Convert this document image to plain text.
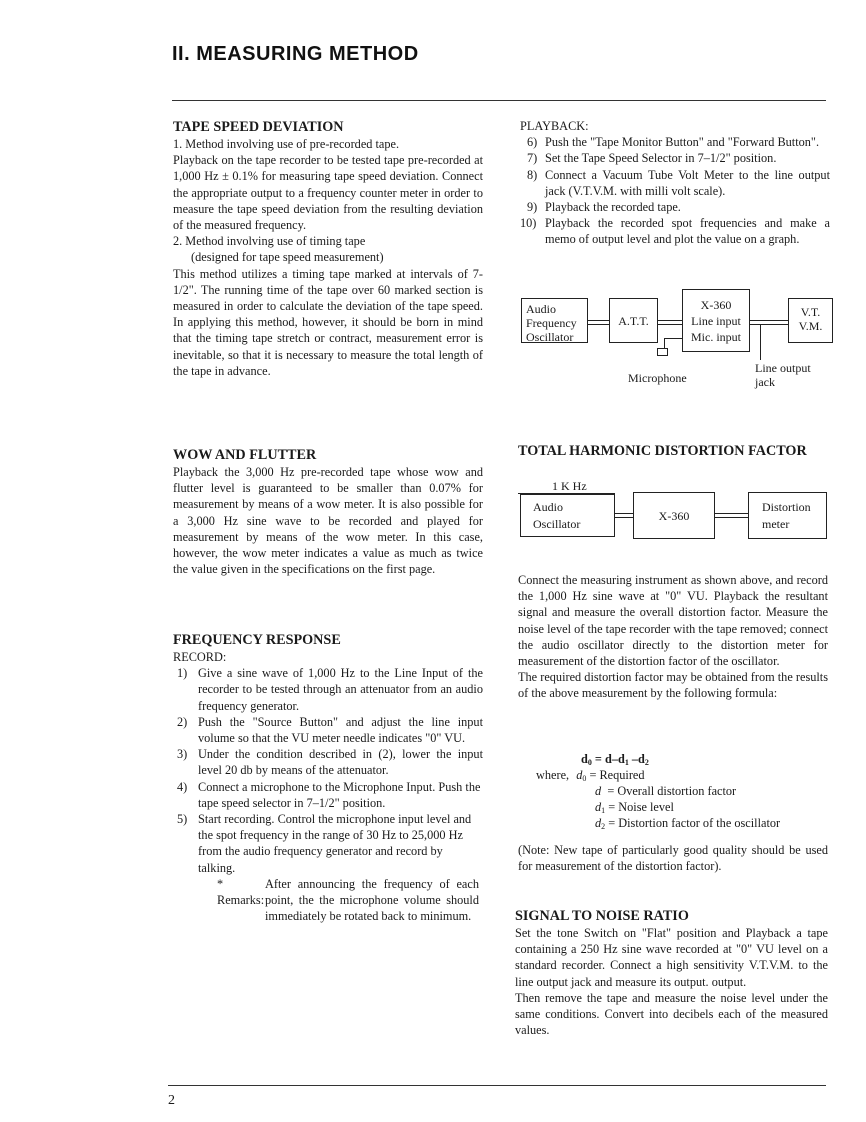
II. MEASURING METHOD

TAPE SPEED DEVIATION

1. Method involving use of pre-recorded tape.

Playback on the tape recorder to be tested tape pre-recorded at 1,000 Hz ± 0.1% for measuring tape speed deviation. Connect the appropriate output to a frequency counter meter in order to measure the tape speed deviation from the resulting deviation of the measured frequency.

2. Method involving use of timing tape

(designed for tape speed measurement)

This method utilizes a timing tape marked at intervals of 7-1/2". The running time of the tape over 60 marked section is measured in order to calculate the deviation of the tape speed. In applying this method, however, it should be born in mind that the timing tape stretch or contract, measurement error is inevitable, so that it is necessary to measure the total length of the tape in advance.

WOW AND FLUTTER

Playback the 3,000 Hz pre-recorded tape whose wow and flutter level is guaranteed to be smaller than 0.07% for measurement by means of a wow meter. It is also possible for a 3,000 Hz sine wave to be recorded and played for measurement by means of the wow meter. In this case, however, the wow meter indicates a value as much as twice the value given in the specifications on the first page.

FREQUENCY RESPONSE

RECORD:

1) Give a sine wave of 1,000 Hz to the Line Input of the recorder to be tested through an attenuator from an audio frequency generator.
2) Push the "Source Button" and adjust the line input volume so that the VU meter needle indicates "0" VU.
3) Under the condition described in (2), lower the input level 20 db by means of the attenuator.
4) Connect a microphone to the Microphone Input. Push the tape speed selector in 7–1/2" position.
5) Start recording. Control the microphone input level and the spot frequency in the range of 30 Hz to 25,000 Hz from the audio frequency generator and record by talking.
* Remarks:
After announcing the frequency of each point, the the microphone volume should immediately be rotated back to minimum.

PLAYBACK:

6) Push the "Tape Monitor Button" and "Forward Button".
7) Set the Tape Speed Selector in 7–1/2" position.
8) Connect a Vacuum Tube Volt Meter to the line output jack (V.T.V.M. with milli volt scale).
9) Playback the recorded tape.
10) Playback the recorded spot frequencies and make a memo of output level and plot the value on a graph.
Audio
Frequency
Oscillator
A.T.T.
X-360
Line input
Mic. input
V.T.
V.M.
Microphone
Line output
jack

TOTAL HARMONIC DISTORTION FACTOR

1 K Hz
Audio
Oscillator
X-360
Distortion
meter

Connect the measuring instrument as shown above, and record the 1,000 Hz sine wave at "0" VU. Playback the resultant signal and measure the overall distortion factor. Measure the noise level of the tape recorder with the tape removed; connect the audio oscillator directly to the distortion meter for measurement of the distortion factor of the oscillator.

The required distortion factor may be obtained from the results of the above measurement by the following formula:

$d_0 = d-d_1$ $-d_2$
where, $d_0$ = Required
d = Overall distortion factor
$d_1$ = Noise level
$d_2$ = Distortion factor of the oscillator

(Note: New tape of particularly good quality should be used for measurement of the distortion factor).

SIGNAL TO NOISE RATIO

Set the tone Switch on "Flat" position and Playback a tape containing a 250 Hz sine wave recorded at "0" VU level on a standard recorder. Connect a high sensitivity V.T.V.M. to the line output jack and measure its output. output.

Then remove the tape and measure the noise level under the same conditions. Convert into decibels each of the measured values.

2
